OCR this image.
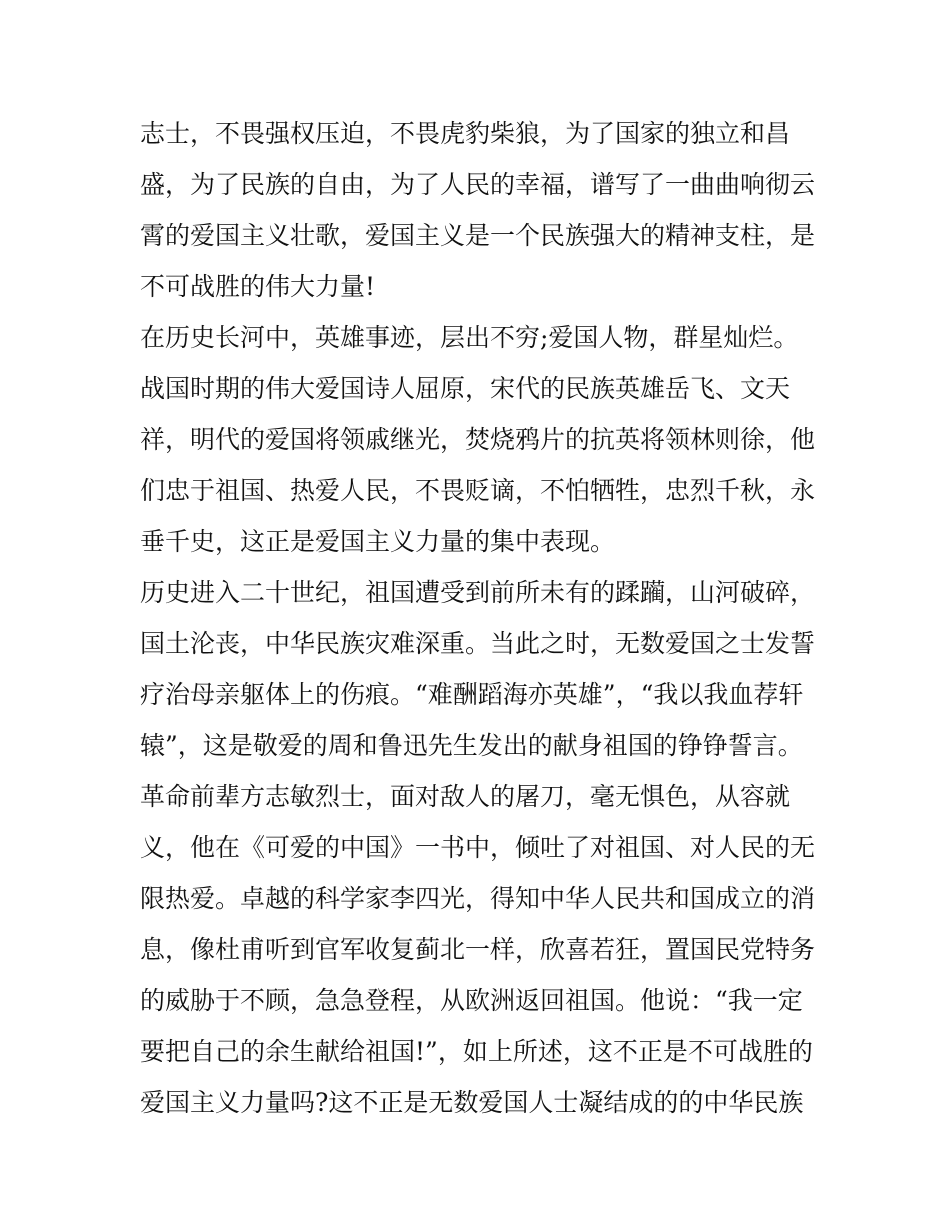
志士，不畏强权压迫，不畏虎豹柴狼，为了国家的独立和昌
盛，为了民族的自由，为了人民的幸福，谱写了一曲曲响彻云
霄的爱国主义壮歌，爱国主义是一个民族强大的精神支柱，是
不可战胜的伟大力量!
在历史长河中，英雄事迹，层出不穷;爱国人物，群星灿烂。
战国时期的伟大爱国诗人屈原，宋代的民族英雄岳飞、文天
祥，明代的爱国将领戚继光，焚烧鸦片的抗英将领林则徐，他
们忠于祖国、热爱人民，不畏贬谪，不怕牺牲，忠烈千秋，永
垂千史，这正是爱国主义力量的集中表现。
历史进入二十世纪，祖国遭受到前所未有的蹂躏，山河破碎，
国土沦丧，中华民族灾难深重。当此之时，无数爱国之士发誓
疗治母亲躯体上的伤痕。“难酬蹈海亦英雄”，“我以我血荐轩
辕”，这是敬爱的周和鲁迅先生发出的献身祖国的铮铮誓言。
革命前辈方志敏烈士，面对敌人的屠刀，毫无惧色，从容就
义，他在《可爱的中国》一书中，倾吐了对祖国、对人民的无
限热爱。卓越的科学家李四光，得知中华人民共和国成立的消
息，像杜甫听到官军收复蓟北一样，欣喜若狂，置国民党特务
的威胁于不顾，急急登程，从欧洲返回祖国。他说：“我一定
要把自己的余生献给祖国!”，如上所述，这不正是不可战胜的
爱国主义力量吗?这不正是无数爱国人士凝结成的的中华民族
